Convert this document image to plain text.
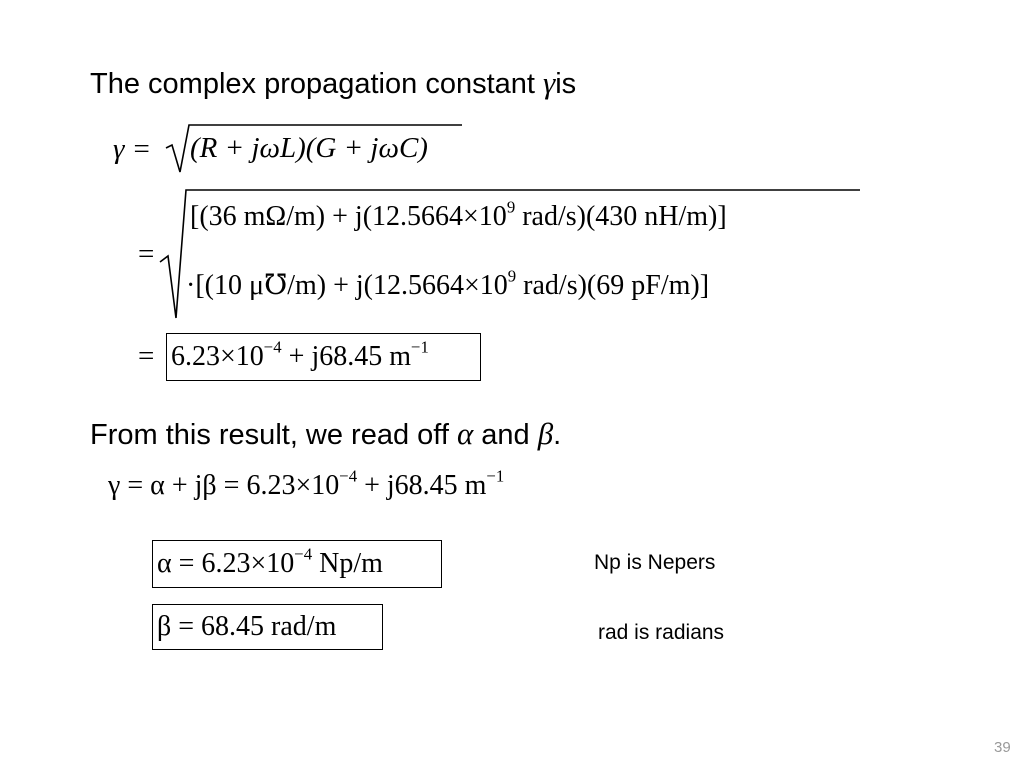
The complex propagation constant γis
γ = (R + jωL)(G + jωC)
=
[(36 $m\Omega/m) + j(12.5664\times 10^9$ rad/s)(430 nH/m)]
·[(10 μ℧/m) + $j(12.5664\times 10^9$ rad/s)(69 pF/m)]
= $6.23\times 10^{-4} + j68.45$ $m^{-1}$
From this result, we read off α and β.
$\gamma = \alpha + j\beta = 6.23\times 10^{-4} + j68.45$ $m^{-1}$
$\alpha = 6.23\times 10^{-4}$ Np/m	Np is Nepers
β = 68.45 rad/m	rad is radians
39
